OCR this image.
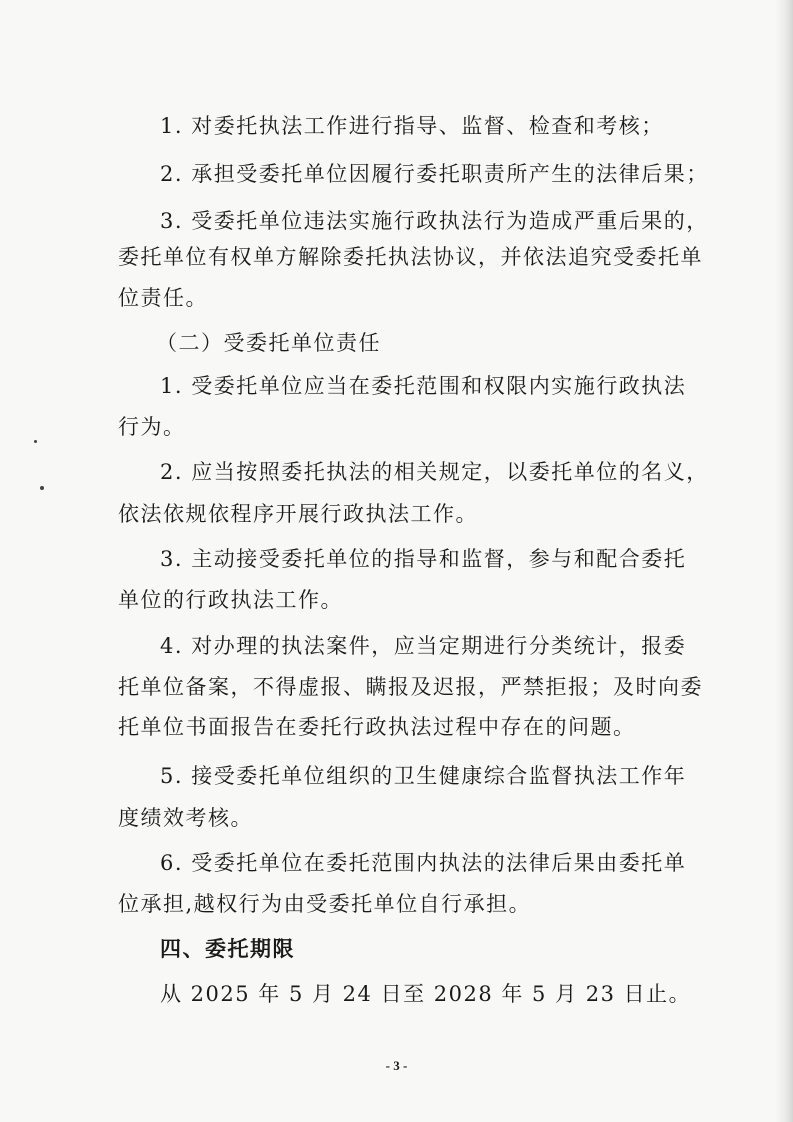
1. 对委托执法工作进行指导、监督、检查和考核；
2. 承担受委托单位因履行委托职责所产生的法律后果；
3. 受委托单位违法实施行政执法行为造成严重后果的，
委托单位有权单方解除委托执法协议，并依法追究受委托单
位责任。
（二）受委托单位责任
1. 受委托单位应当在委托范围和权限内实施行政执法
行为。
2. 应当按照委托执法的相关规定，以委托单位的名义，
依法依规依程序开展行政执法工作。
3. 主动接受委托单位的指导和监督，参与和配合委托
单位的行政执法工作。
4. 对办理的执法案件，应当定期进行分类统计，报委
托单位备案，不得虚报、瞒报及迟报，严禁拒报；及时向委
托单位书面报告在委托行政执法过程中存在的问题。
5. 接受委托单位组织的卫生健康综合监督执法工作年
度绩效考核。
6. 受委托单位在委托范围内执法的法律后果由委托单
位承担,越权行为由受委托单位自行承担。
四、委托期限
从 2025 年 5 月 24 日至 2028 年 5 月 23 日止。
- 3 -
